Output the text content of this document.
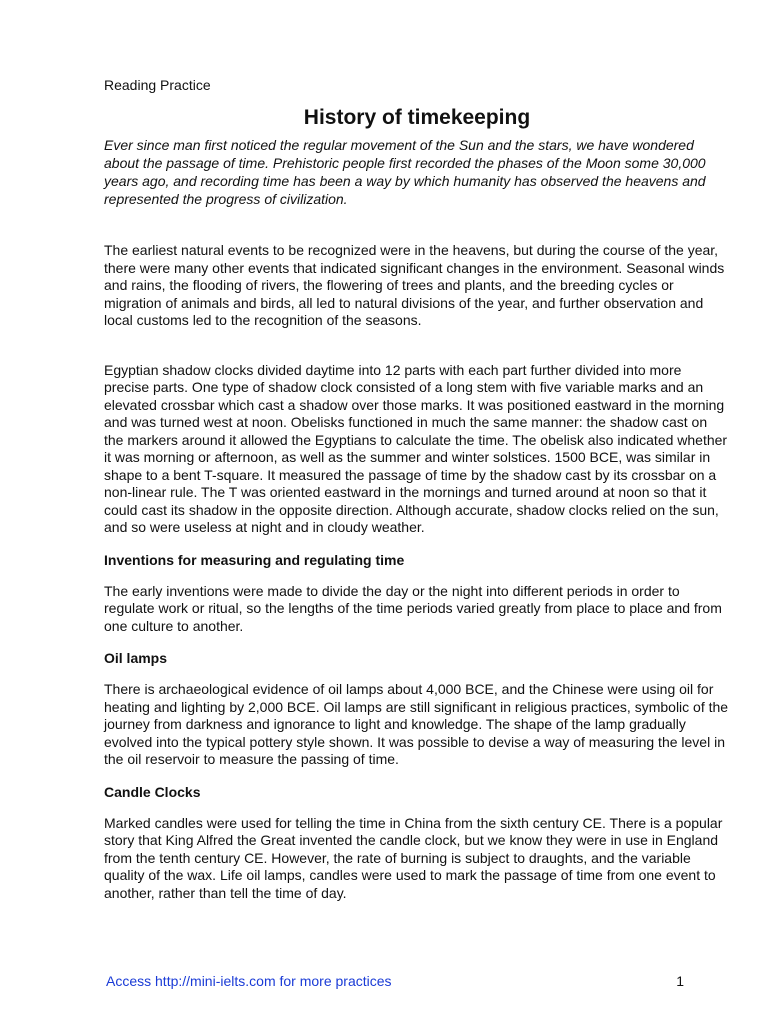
Reading Practice

History of timekeeping

Ever since man first noticed the regular movement of the Sun and the stars, we have wondered about the passage of time. Prehistoric people first recorded the phases of the Moon some 30,000 years ago, and recording time has been a way by which humanity has observed the heavens and represented the progress of civilization.

The earliest natural events to be recognized were in the heavens, but during the course of the year, there were many other events that indicated significant changes in the environment. Seasonal winds and rains, the flooding of rivers, the flowering of trees and plants, and the breeding cycles or migration of animals and birds, all led to natural divisions of the year, and further observation and local customs led to the recognition of the seasons.

Egyptian shadow clocks divided daytime into 12 parts with each part further divided into more precise parts. One type of shadow clock consisted of a long stem with five variable marks and an elevated crossbar which cast a shadow over those marks. It was positioned eastward in the morning and was turned west at noon. Obelisks functioned in much the same manner: the shadow cast on the markers around it allowed the Egyptians to calculate the time. The obelisk also indicated whether it was morning or afternoon, as well as the summer and winter solstices. 1500 BCE, was similar in shape to a bent T-square. It measured the passage of time by the shadow cast by its crossbar on a non-linear rule. The T was oriented eastward in the mornings and turned around at noon so that it could cast its shadow in the opposite direction. Although accurate, shadow clocks relied on the sun, and so were useless at night and in cloudy weather.

Inventions for measuring and regulating time

The early inventions were made to divide the day or the night into different periods in order to regulate work or ritual, so the lengths of the time periods varied greatly from place to place and from one culture to another.

Oil lamps

There is archaeological evidence of oil lamps about 4,000 BCE, and the Chinese were using oil for heating and lighting by 2,000 BCE. Oil lamps are still significant in religious practices, symbolic of the journey from darkness and ignorance to light and knowledge. The shape of the lamp gradually evolved into the typical pottery style shown. It was possible to devise a way of measuring the level in the oil reservoir to measure the passing of time.

Candle Clocks

Marked candles were used for telling the time in China from the sixth century CE. There is a popular story that King Alfred the Great invented the candle clock, but we know they were in use in England from the tenth century CE. However, the rate of burning is subject to draughts, and the variable quality of the wax. Life oil lamps, candles were used to mark the passage of time from one event to another, rather than tell the time of day.

Access http://mini-ielts.com for more practices	1
